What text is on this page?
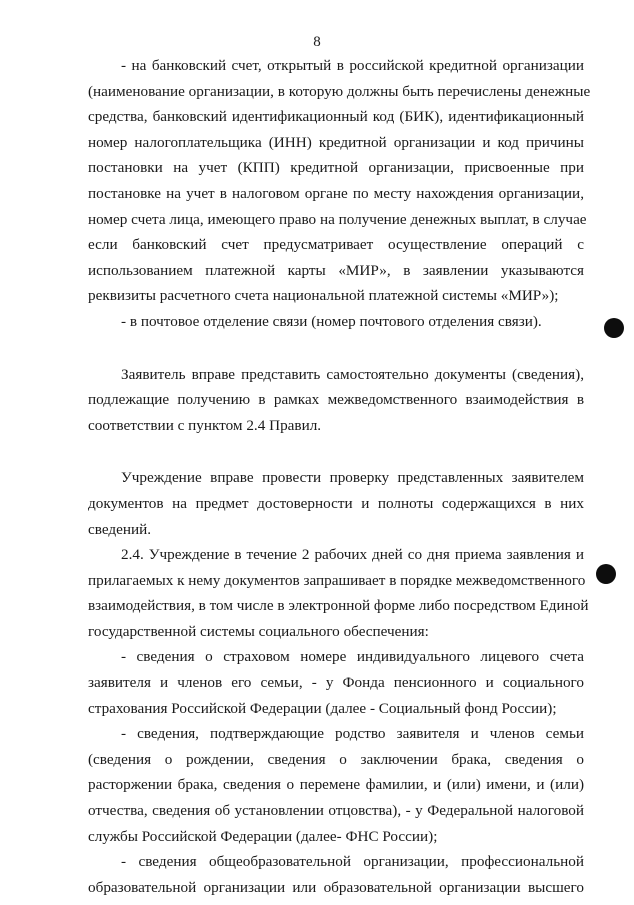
8
- на банковский счет, открытый в российской кредитной организации
(наименование организации, в которую должны быть перечислены денежные
средства, банковский идентификационный код (БИК), идентификационный
номер налогоплательщика (ИНН) кредитной организации и код причины
постановки на учет (КПП) кредитной организации, присвоенные при
постановке на учет в налоговом органе по месту нахождения организации,
номер счета лица, имеющего право на получение денежных выплат, в случае
если банковский счет предусматривает осуществление операций с
использованием платежной карты «МИР», в заявлении указываются
реквизиты расчетного счета национальной платежной системы «МИР»);
- в почтовое отделение связи (номер почтового отделения связи).
Заявитель вправе представить самостоятельно документы (сведения),
подлежащие получению в рамках межведомственного взаимодействия в
соответствии с пунктом 2.4 Правил.
Учреждение вправе провести проверку представленных заявителем
документов на предмет достоверности и полноты содержащихся в них
сведений.
2.4. Учреждение в течение 2 рабочих дней со дня приема заявления и
прилагаемых к нему документов запрашивает в порядке межведомственного
взаимодействия, в том числе в электронной форме либо посредством Единой
государственной системы социального обеспечения:
- сведения о страховом номере индивидуального лицевого счета
заявителя и членов его семьи, - у Фонда пенсионного и социального
страхования Российской Федерации (далее - Социальный фонд России);
- сведения, подтверждающие родство заявителя и членов семьи
(сведения о рождении, сведения о заключении брака, сведения о
расторжении брака, сведения о перемене фамилии, и (или) имени, и (или)
отчества, сведения об установлении отцовства), - у Федеральной налоговой
службы Российской Федерации (далее- ФНС России);
- сведения общеобразовательной организации, профессиональной
образовательной организации или образовательной организации высшего
